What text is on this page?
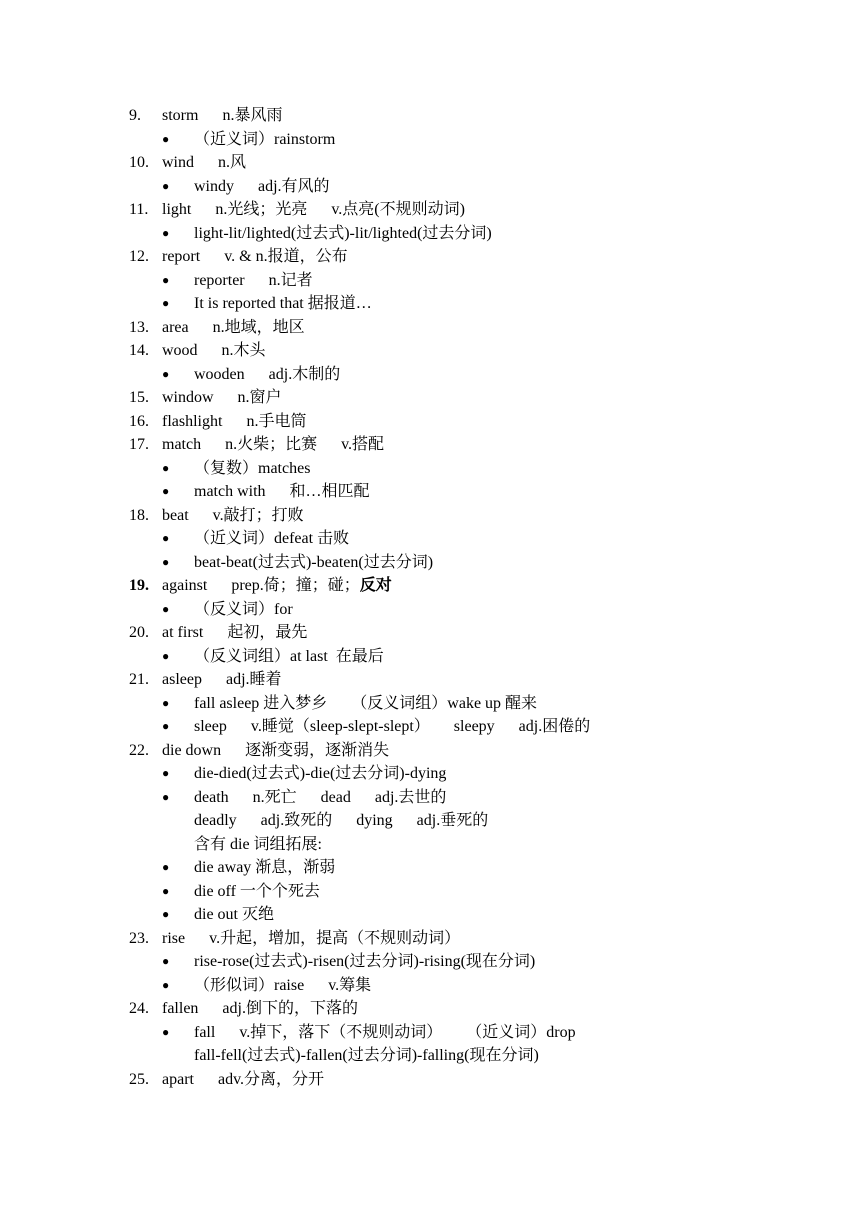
9. storm      n.暴风雨
● （近义词）rainstorm
10. wind      n.风
● windy      adj.有风的
11. light      n.光线；光亮      v.点亮(不规则动词)
● light-lit/lighted(过去式)-lit/lighted(过去分词)
12. report      v. & n.报道，公布
● reporter      n.记者
● It is reported that 据报道…
13. area      n.地域，地区
14. wood      n.木头
● wooden      adj.木制的
15. window      n.窗户
16. flashlight      n.手电筒
17. match      n.火柴；比赛      v.搭配
● （复数）matches
● match with      和…相匹配
18. beat      v.敲打；打败
● （近义词）defeat 击败
● beat-beat(过去式)-beaten(过去分词)
19. against      prep.倚；撞；碰；反对
● （反义词）for
20. at first      起初，最先
● （反义词组）at last  在最后
21. asleep      adj.睡着
● fall asleep 进入梦乡      （反义词组）wake up 醒来
● sleep      v.睡觉（sleep-slept-slept）      sleepy      adj.困倦的
22. die down      逐渐变弱，逐渐消失
● die-died(过去式)-die(过去分词)-dying
● death      n.死亡      dead      adj.去世的
deadly      adj.致死的      dying      adj.垂死的
含有 die 词组拓展:
● die away 渐息，渐弱
● die off 一个个死去
● die out 灭绝
23. rise      v.升起，增加，提高（不规则动词）
● rise-rose(过去式)-risen(过去分词)-rising(现在分词)
● （形似词）raise      v.筹集
24. fallen      adj.倒下的，下落的
● fall      v.掉下，落下（不规则动词）      （近义词）drop
fall-fell(过去式)-fallen(过去分词)-falling(现在分词)
25. apart      adv.分离，分开
